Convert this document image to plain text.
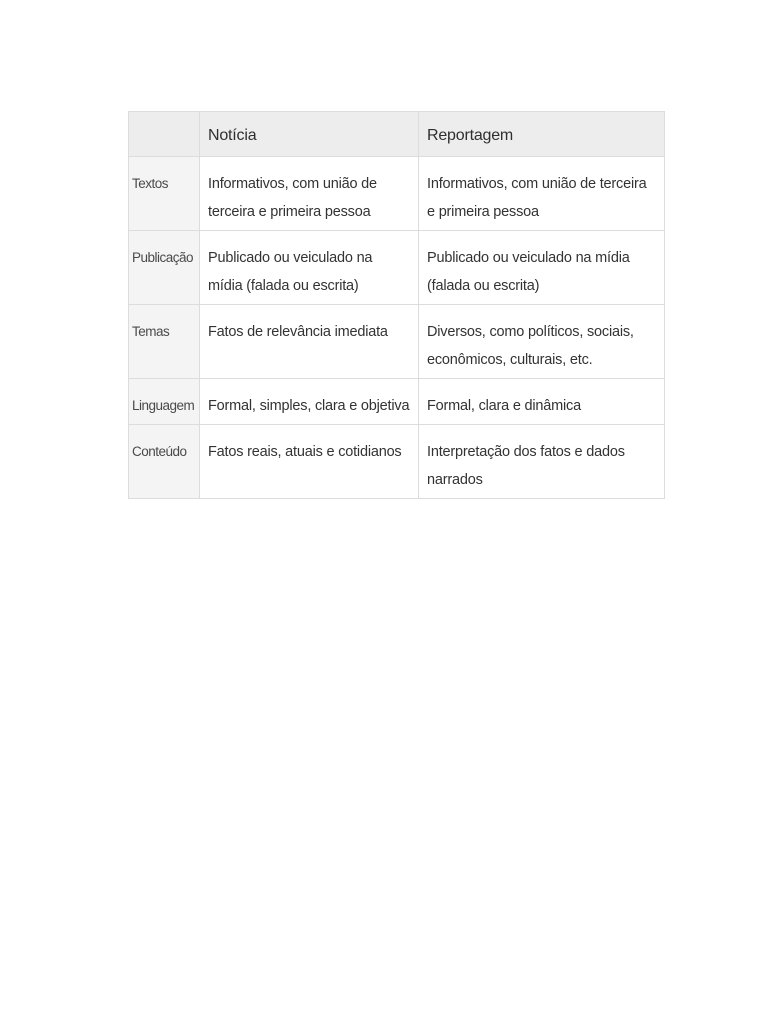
	Notícia	Reportagem
Textos	Informativos, com união de terceira e primeira pessoa	Informativos, com união de terceira e primeira pessoa
Publicação	Publicado ou veiculado na mídia (falada ou escrita)	Publicado ou veiculado na mídia (falada ou escrita)
Temas	Fatos de relevância imediata	Diversos, como políticos, sociais, econômicos, culturais, etc.
Linguagem	Formal, simples, clara e objetiva	Formal, clara e dinâmica
Conteúdo	Fatos reais, atuais e cotidianos	Interpretação dos fatos e dados narrados
